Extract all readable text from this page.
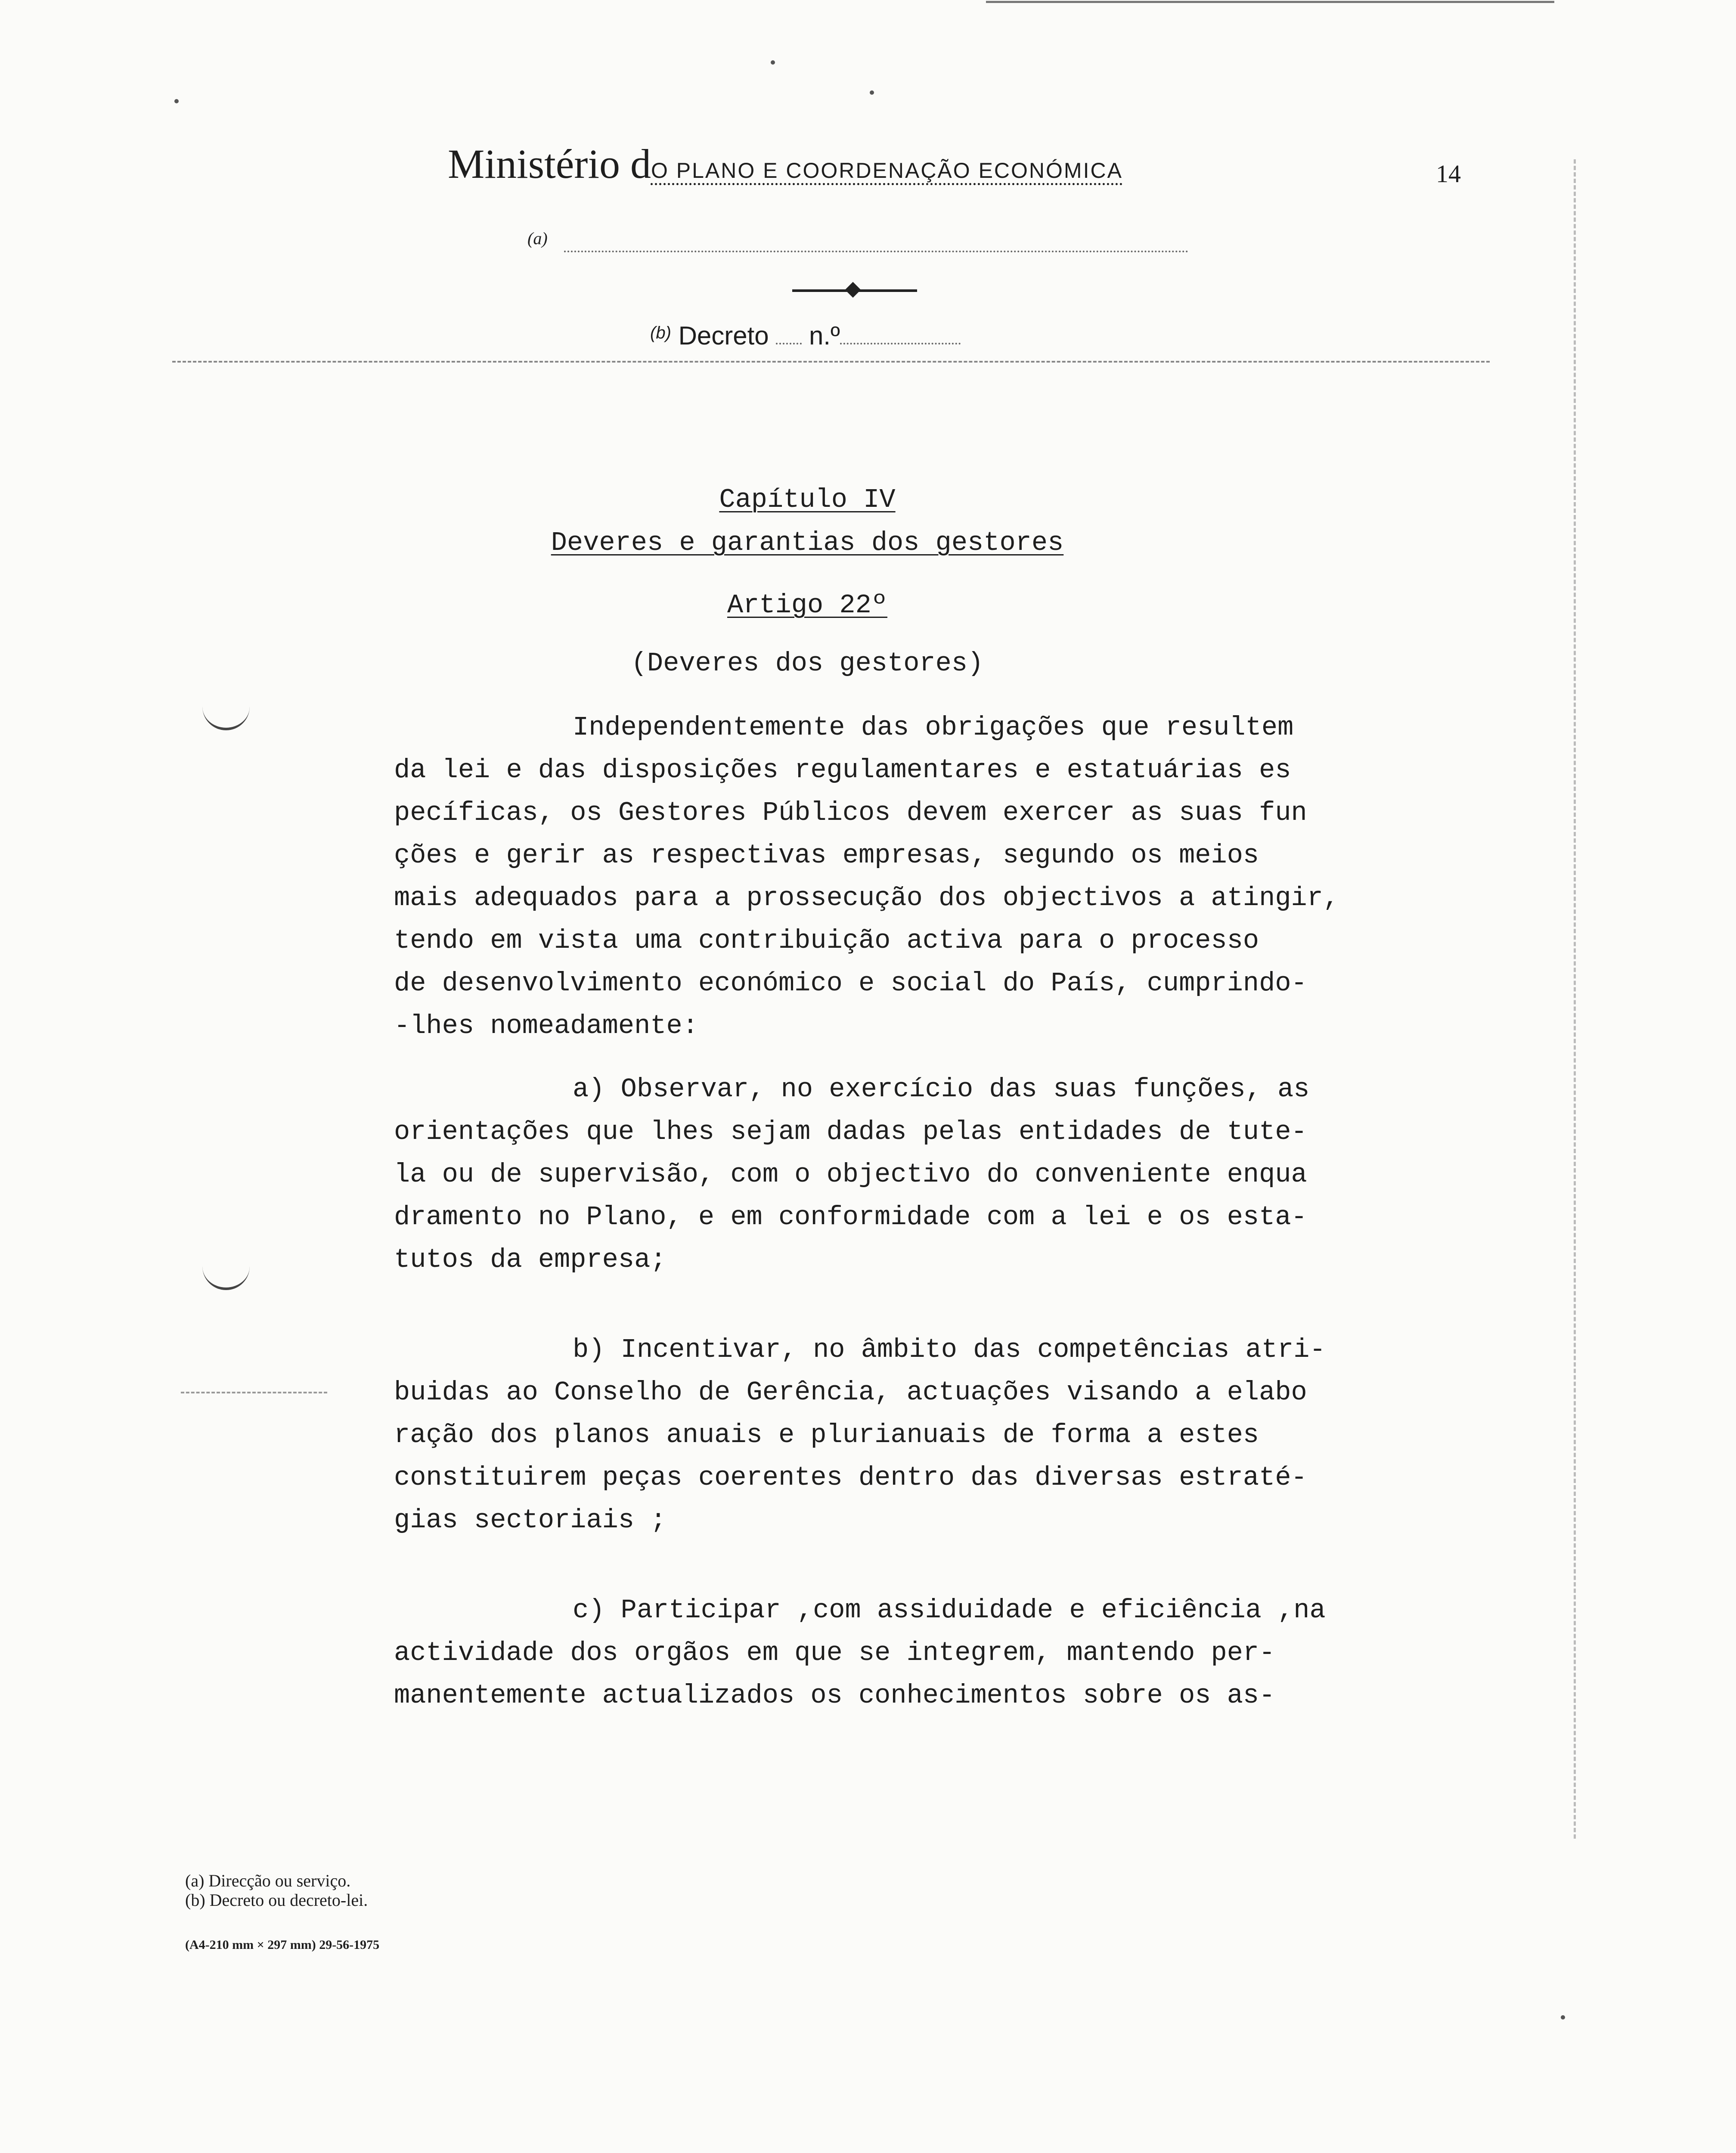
Ministério dO PLANO E COORDENAÇÃO ECONÓMICA	14
(a)
$^{(b)}$ Decreto n.º
Capítulo IV
Deveres e garantias dos gestores
Artigo 22º
(Deveres dos gestores)
Independentemente das obrigações que resultem
da lei e das disposições regulamentares e estatuárias es
pecíficas, os Gestores Públicos devem exercer as suas fun
ções e gerir as respectivas empresas, segundo os meios
mais adequados para a prossecução dos objectivos a atingir,
tendo em vista uma contribuição activa para o processo
de desenvolvimento económico e social do País, cumprindo-
-lhes nomeadamente:
a) Observar, no exercício das suas funções, as
orientações que lhes sejam dadas pelas entidades de tute-
la ou de supervisão, com o objectivo do conveniente enqua
dramento no Plano, e em conformidade com a lei e os esta-
tutos da empresa;
b) Incentivar, no âmbito das competências atri-
buidas ao Conselho de Gerência, actuações visando a elabo
ração dos planos anuais e plurianuais de forma a estes
constituirem peças coerentes dentro das diversas estraté-
gias sectoriais ;
c) Participar ,com assiduidade e eficiência ,na
actividade dos orgãos em que se integrem, mantendo per-
manentemente actualizados os conhecimentos sobre os as-
(a) Direcção ou serviço.
(b) Decreto ou decreto-lei.
(A4-210 mm × 297 mm) 29-56-1975
